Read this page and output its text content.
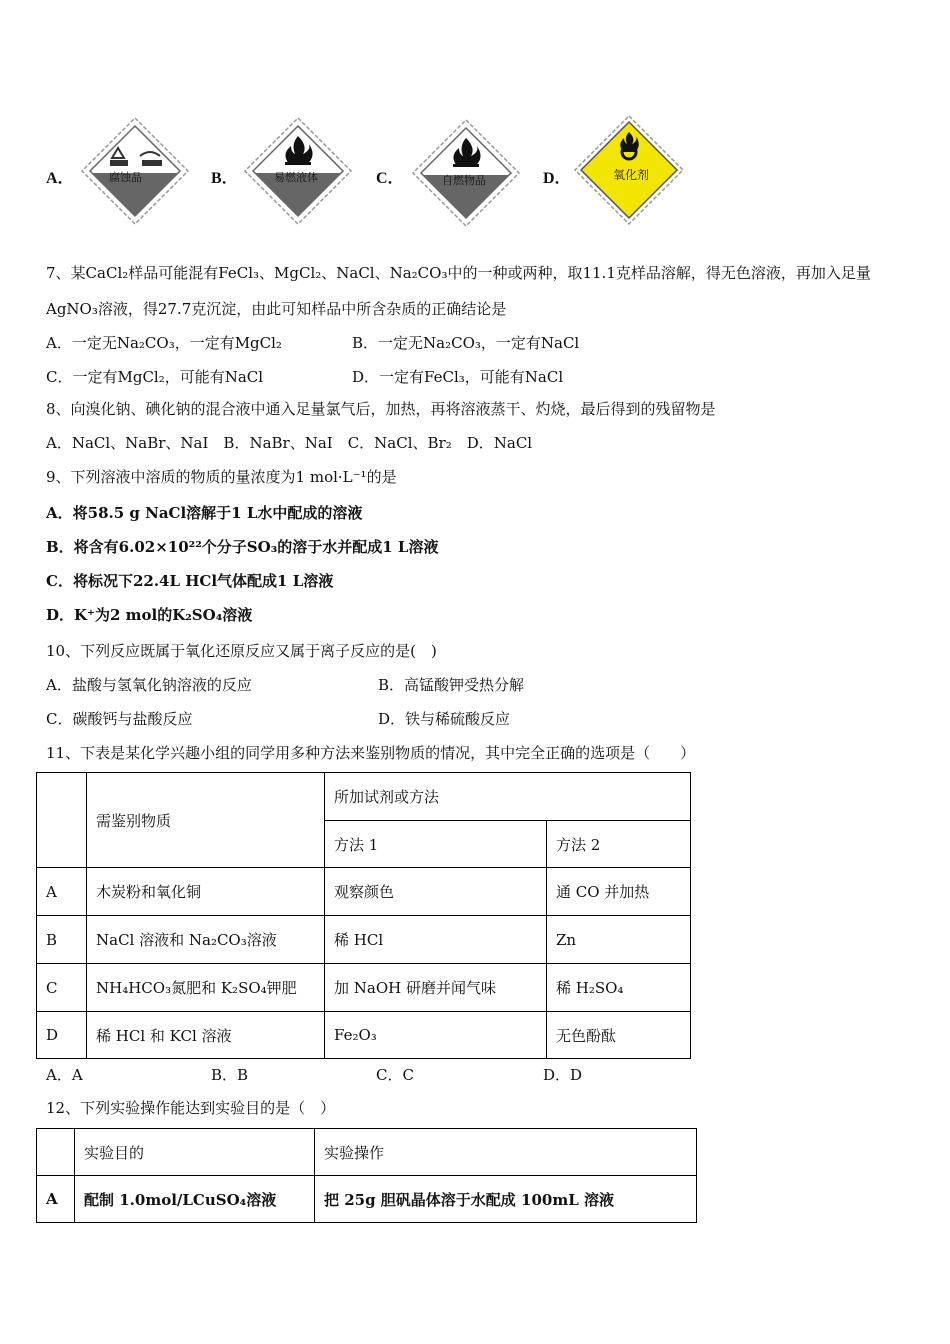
A．	腐蚀品	B．	易燃液体	C．	自燃物品	D．	氧化剂
7、某CaCl₂样品可能混有FeCl₃、MgCl₂、NaCl、Na₂CO₃中的一种或两种，取11.1克样品溶解，得无色溶液，再加入足量
AgNO₃溶液，得27.7克沉淀，由此可知样品中所含杂质的正确结论是
A．一定无Na₂CO₃，一定有MgCl₂	B．一定无Na₂CO₃，一定有NaCl
C．一定有MgCl₂，可能有NaCl	D．一定有FeCl₃，可能有NaCl
8、向溴化钠、碘化钠的混合液中通入足量氯气后，加热，再将溶液蒸干、灼烧，最后得到的残留物是
A．NaCl、NaBr、NaI　B．NaBr、NaI　C．NaCl、Br₂　D．NaCl
9、下列溶液中溶质的物质的量浓度为1 mol·L⁻¹的是
A．将58.5 g NaCl溶解于1 L水中配成的溶液
B．将含有6.02×10²²个分子SO₃的溶于水并配成1 L溶液
C．将标况下22.4L HCl气体配成1 L溶液
D．K⁺为2 mol的K₂SO₄溶液
10、下列反应既属于氧化还原反应又属于离子反应的是(　)
A．盐酸与氢氧化钠溶液的反应	B．高锰酸钾受热分解
C．碳酸钙与盐酸反应	D．铁与稀硫酸反应
11、下表是某化学兴趣小组的同学用多种方法来鉴别物质的情况，其中完全正确的选项是（　　）
	需鉴别物质	所加试剂或方法	
		方法 1	方法 2
A	木炭粉和氧化铜	观察颜色	通 CO 并加热
B	NaCl 溶液和 Na₂CO₃溶液	稀 HCl	Zn
C	NH₄HCO₃氮肥和 K₂SO₄钾肥	加 NaOH 研磨并闻气味	稀 H₂SO₄
D	稀 HCl 和 KCl 溶液	Fe₂O₃	无色酚酞
A．A	B．B	C．C	D．D
12、下列实验操作能达到实验目的是（　）
	实验目的	实验操作
A	配制 1.0mol/LCuSO₄溶液	把 25g 胆矾晶体溶于水配成 100mL 溶液
